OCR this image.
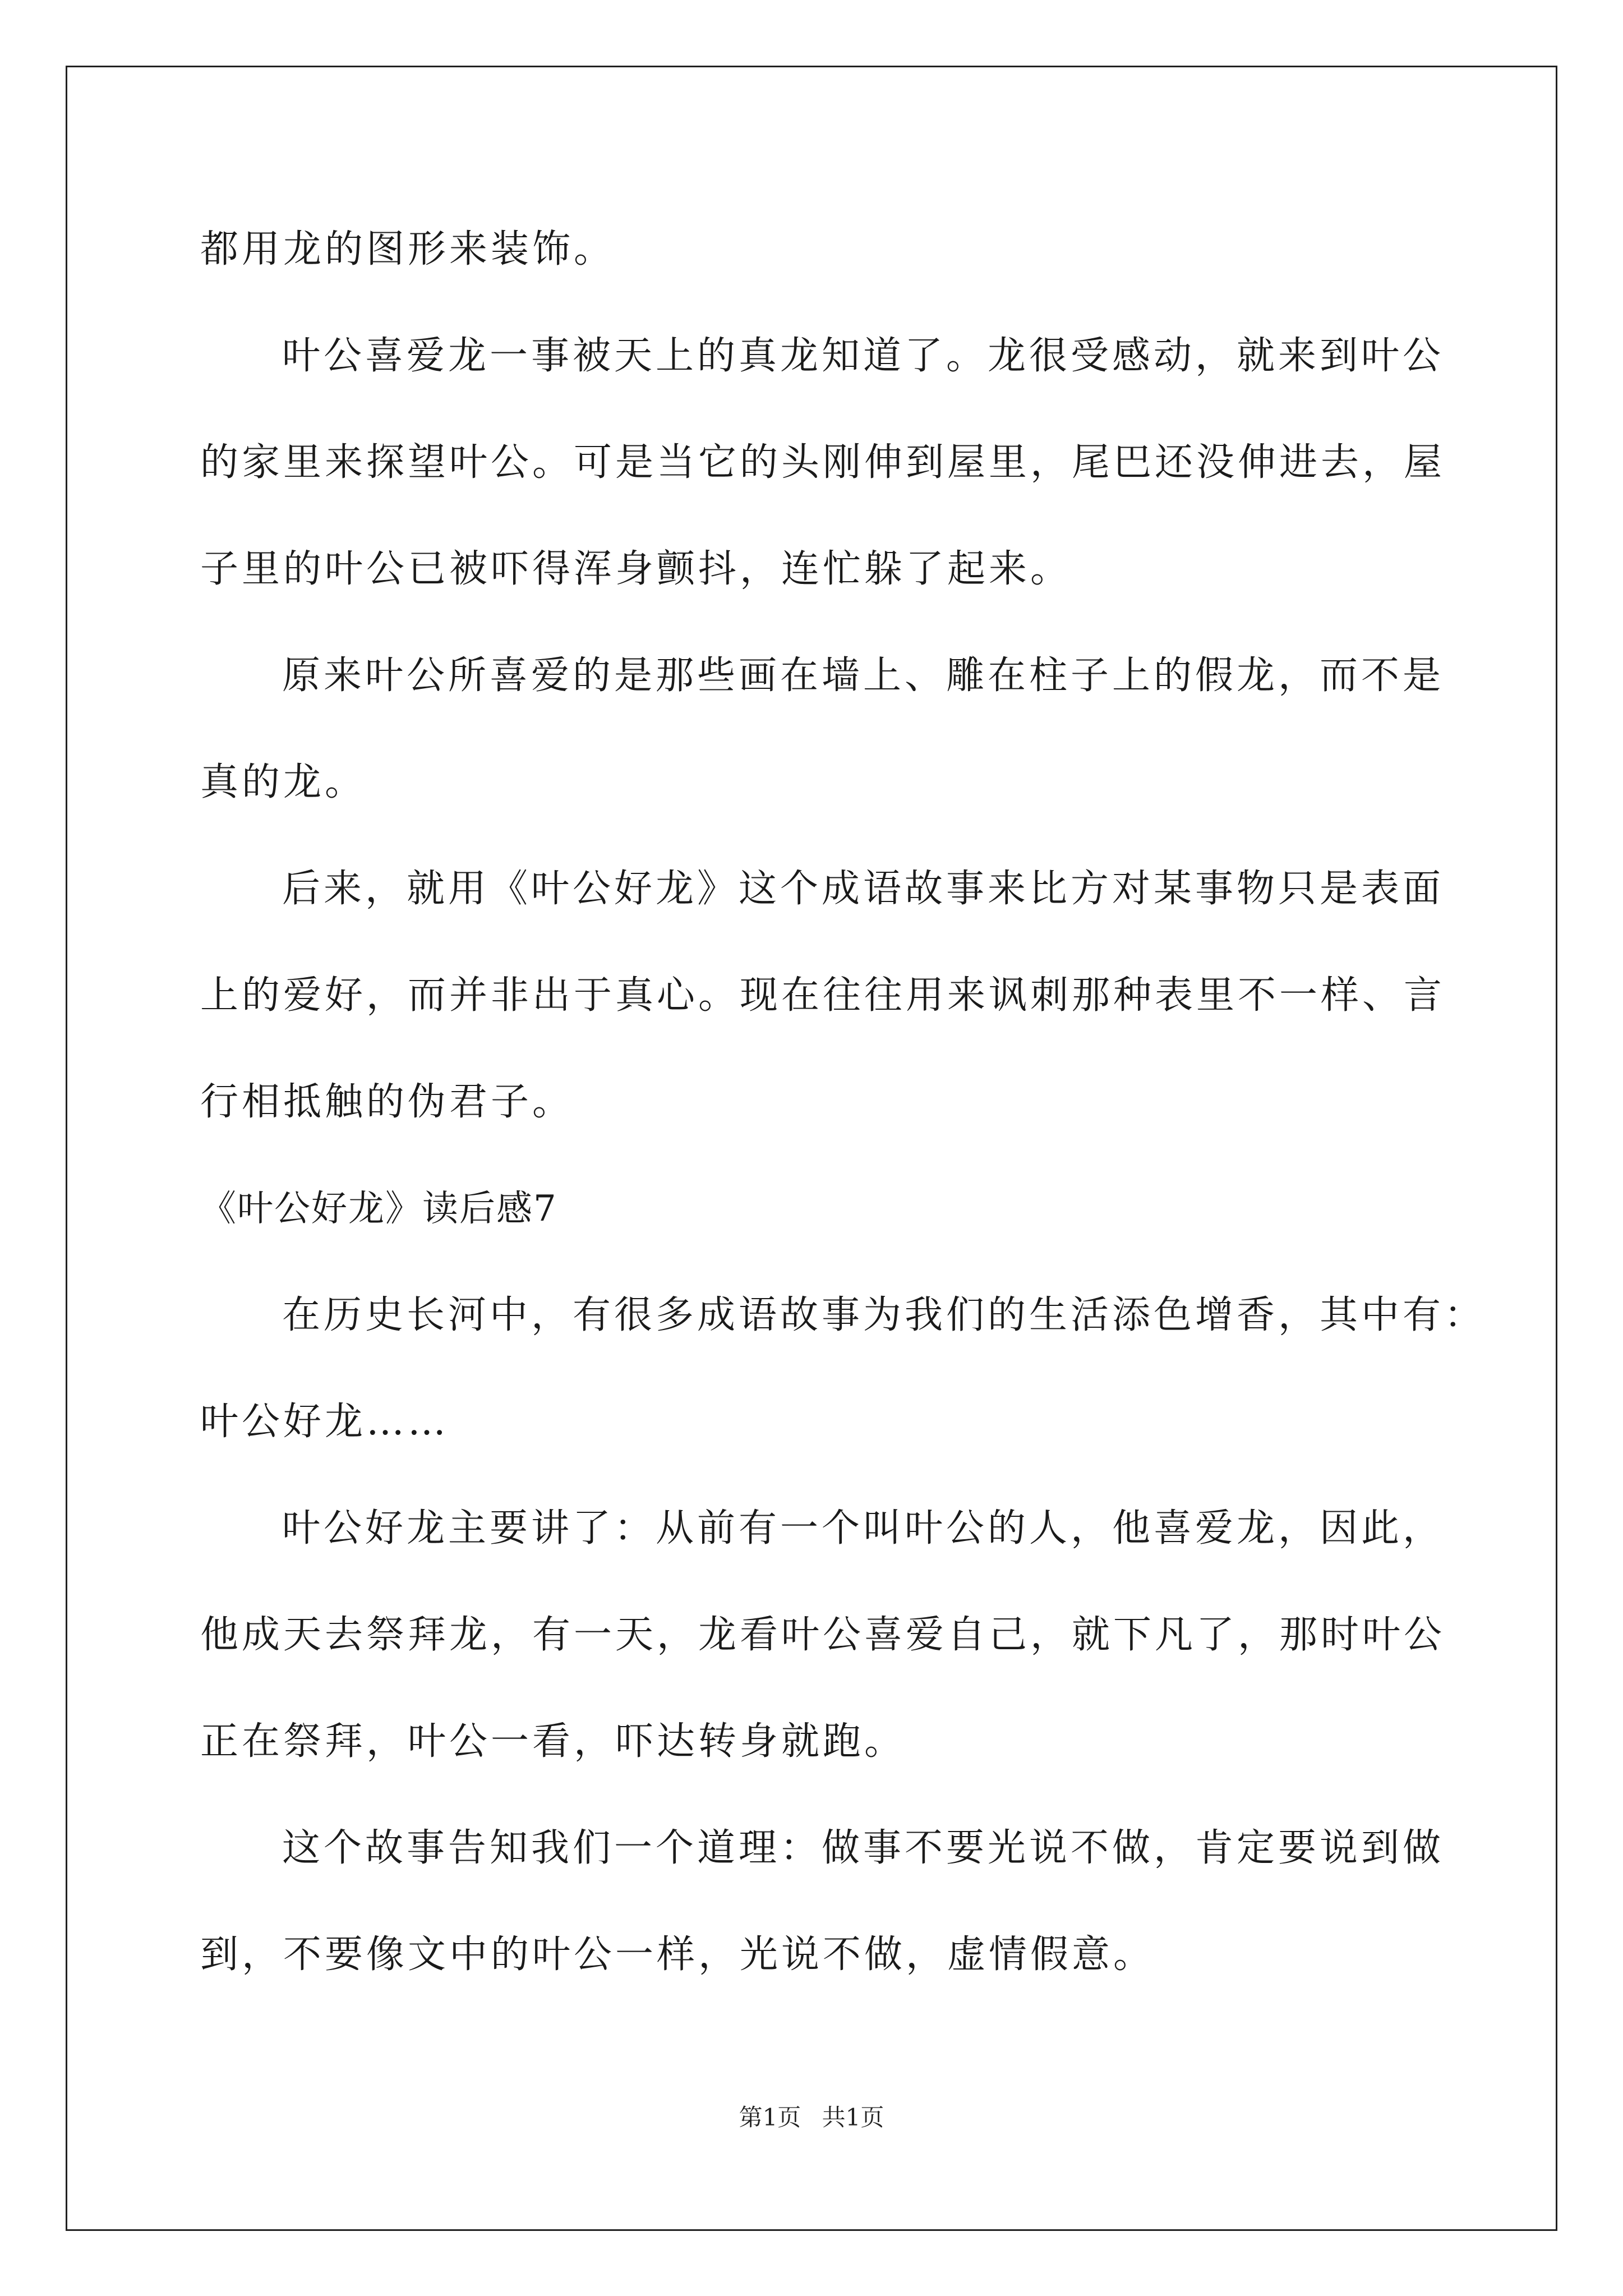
都用龙的图形来装饰。
叶公喜爱龙一事被天上的真龙知道了。龙很受感动，就来到叶公
的家里来探望叶公。可是当它的头刚伸到屋里，尾巴还没伸进去，屋
子里的叶公已被吓得浑身颤抖，连忙躲了起来。
原来叶公所喜爱的是那些画在墙上、雕在柱子上的假龙，而不是
真的龙。
后来，就用《叶公好龙》这个成语故事来比方对某事物只是表面
上的爱好，而并非出于真心。现在往往用来讽刺那种表里不一样、言
行相抵触的伪君子。
《叶公好龙》读后感7
在历史长河中，有很多成语故事为我们的生活添色增香，其中有：
叶公好龙……
叶公好龙主要讲了：从前有一个叫叶公的人，他喜爱龙，因此，
他成天去祭拜龙，有一天，龙看叶公喜爱自己，就下凡了，那时叶公
正在祭拜，叶公一看，吓达转身就跑。
这个故事告知我们一个道理：做事不要光说不做，肯定要说到做
到，不要像文中的叶公一样，光说不做，虚情假意。
第1页 共1页
